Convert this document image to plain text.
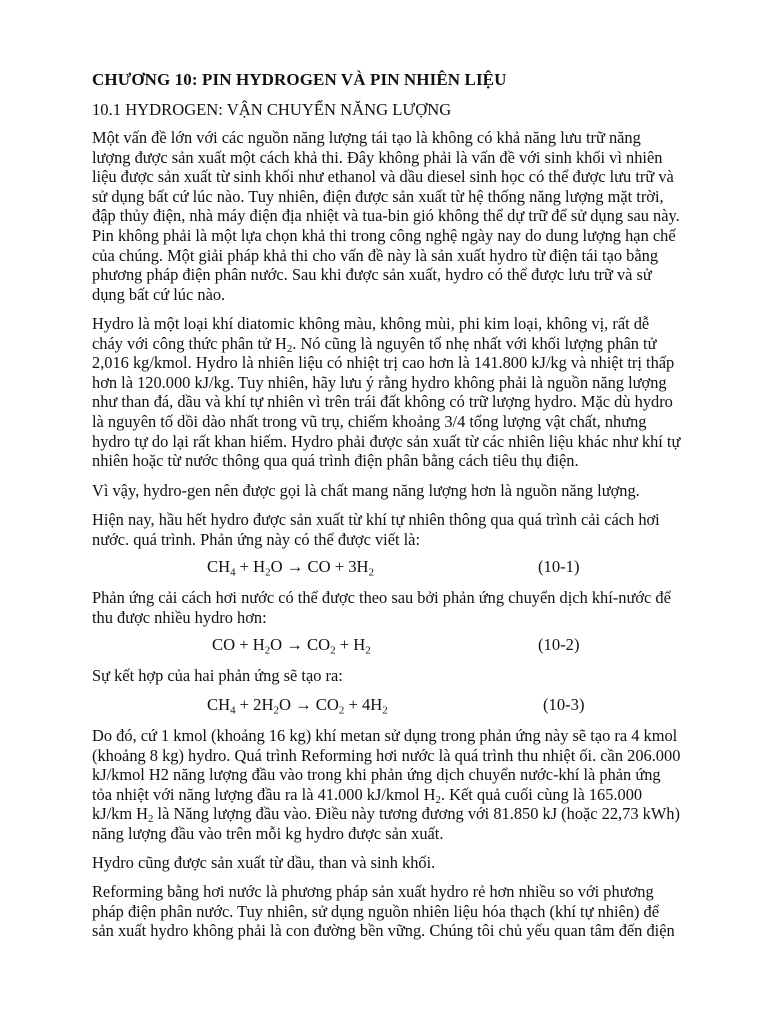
CHƯƠNG 10: PIN HYDROGEN VÀ PIN NHIÊN LIỆU
10.1 HYDROGEN: VẬN CHUYỂN NĂNG LƯỢNG
Một vấn đề lớn với các nguồn năng lượng tái tạo là không có khả năng lưu trữ năng
lượng được sản xuất một cách khả thi. Đây không phải là vấn đề với sinh khối vì nhiên
liệu được sản xuất từ sinh khối như ethanol và dầu diesel sinh học có thể được lưu trữ và
sử dụng bất cứ lúc nào. Tuy nhiên, điện được sản xuất từ hệ thống năng lượng mặt trời,
đập thủy điện, nhà máy điện địa nhiệt và tua-bin gió không thể dự trữ để sử dụng sau này.
Pin không phải là một lựa chọn khả thi trong công nghệ ngày nay do dung lượng hạn chế
của chúng. Một giải pháp khả thi cho vấn đề này là sản xuất hydro từ điện tái tạo bằng
phương pháp điện phân nước. Sau khi được sản xuất, hydro có thể được lưu trữ và sử
dụng bất cứ lúc nào.
Hydro là một loại khí diatomic không màu, không mùi, phi kim loại, không vị, rất dễ
cháy với công thức phân tử $H_2$. Nó cũng là nguyên tố nhẹ nhất với khối lượng phân tử
2,016 kg/kmol. Hydro là nhiên liệu có nhiệt trị cao hơn là 141.800 kJ/kg và nhiệt trị thấp
hơn là 120.000 kJ/kg. Tuy nhiên, hãy lưu ý rằng hydro không phải là nguồn năng lượng
như than đá, dầu và khí tự nhiên vì trên trái đất không có trữ lượng hydro. Mặc dù hydro
là nguyên tố dồi dào nhất trong vũ trụ, chiếm khoảng 3/4 tổng lượng vật chất, nhưng
hydro tự do lại rất khan hiếm. Hydro phải được sản xuất từ các nhiên liệu khác như khí tự
nhiên hoặc từ nước thông qua quá trình điện phân bằng cách tiêu thụ điện.
Vì vậy, hydro-gen nên được gọi là chất mang năng lượng hơn là nguồn năng lượng.
Hiện nay, hầu hết hydro được sản xuất từ khí tự nhiên thông qua quá trình cải cách hơi
nước. quá trình. Phản ứng này có thể được viết là:
$CH_4 + H_2O$ → CO + $3H_2$	(10-1)
Phản ứng cải cách hơi nước có thể được theo sau bởi phản ứng chuyển dịch khí-nước để
thu được nhiều hydro hơn:
CO + $H_2O \to CO_2 + H_2$	(10-2)
Sự kết hợp của hai phản ứng sẽ tạo ra:
$CH_4 + 2H_2O \to CO_2 + 4H_2$	(10-3)
Do đó, cứ 1 kmol (khoảng 16 kg) khí metan sử dụng trong phản ứng này sẽ tạo ra 4 kmol
(khoảng 8 kg) hydro. Quá trình Reforming hơi nước là quá trình thu nhiệt ối. cần 206.000
kJ/kmol H2 năng lượng đầu vào trong khi phản ứng dịch chuyển nước-khí là phản ứng
tỏa nhiệt với năng lượng đầu ra là 41.000 kJ/kmol $H_2$. Kết quả cuối cùng là 165.000
kJ/km $H_2$ là Năng lượng đầu vào. Điều này tương đương với 81.850 kJ (hoặc 22,73 kWh)
năng lượng đầu vào trên mỗi kg hydro được sản xuất.
Hydro cũng được sản xuất từ dầu, than và sinh khối.
Reforming bằng hơi nước là phương pháp sản xuất hydro rẻ hơn nhiều so với phương
pháp điện phân nước. Tuy nhiên, sử dụng nguồn nhiên liệu hóa thạch (khí tự nhiên) để
sản xuất hydro không phải là con đường bền vững. Chúng tôi chủ yếu quan tâm đến điện
